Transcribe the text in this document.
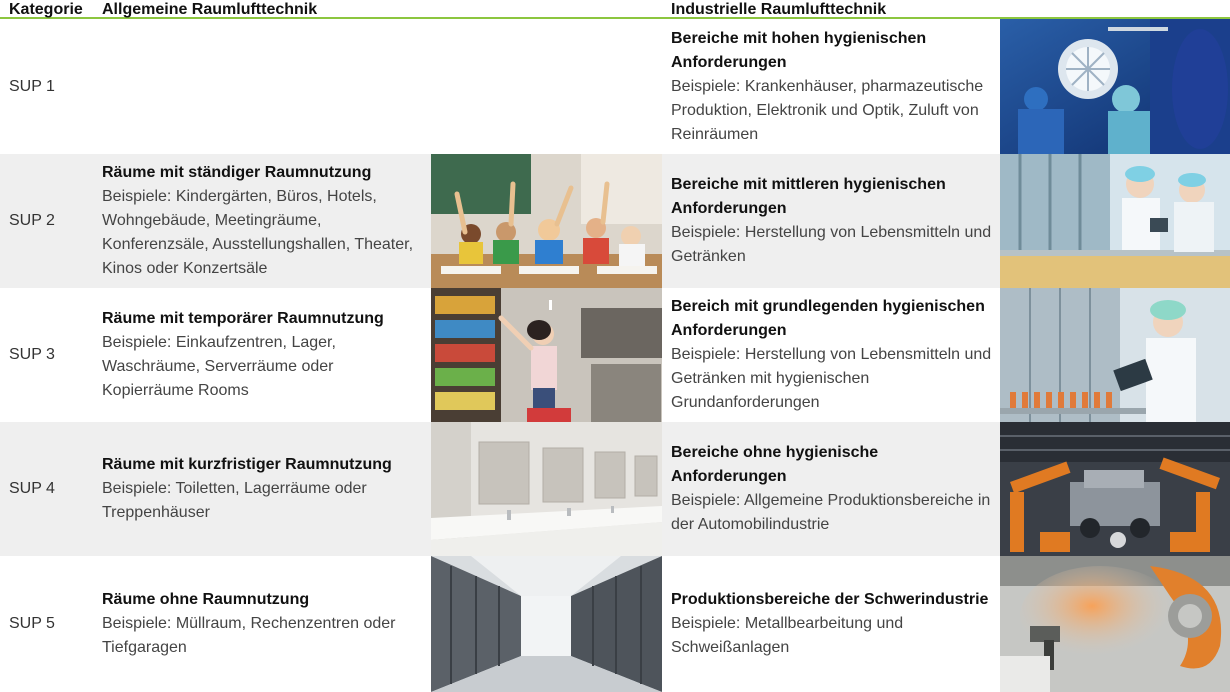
Kategorie Allgemeine Raumlufttechnik	Industrielle Raumlufttechnik
SUP 1
Bereiche mit hohen hygienischen Anforderungen
Beispiele: Krankenhäuser, pharmazeutische Produktion, Elektronik und Optik, Zuluft von Reinräumen
SUP 2
Räume mit ständiger Raumnutzung
Beispiele: Kindergärten, Büros, Hotels, Wohngebäude, Meetingräume, Konferenzsäle, Ausstellungshallen, Theater, Kinos oder Konzertsäle
Bereiche mit mittleren hygienischen Anforderungen
Beispiele: Herstellung von Lebensmitteln und Getränken
SUP 3
Räume mit temporärer Raumnutzung
Beispiele: Einkaufzentren, Lager, Waschräume, Serverräume oder Kopierräume Rooms
Bereich mit grundlegenden hygienischen Anforderungen
Beispiele: Herstellung von Lebensmitteln und Getränken mit hygienischen Grundanforderungen
SUP 4
Räume mit kurzfristiger Raumnutzung
Beispiele: Toiletten, Lagerräume oder Treppenhäuser
Bereiche ohne hygienische Anforderungen
Beispiele: Allgemeine Produktionsbereiche in der Automobilindustrie
SUP 5
Räume ohne Raumnutzung
Beispiele: Müllraum, Rechenzentren oder Tiefgaragen
Produktionsbereiche der Schwerindustrie
Beispiele: Metallbearbeitung und Schweißanlagen
